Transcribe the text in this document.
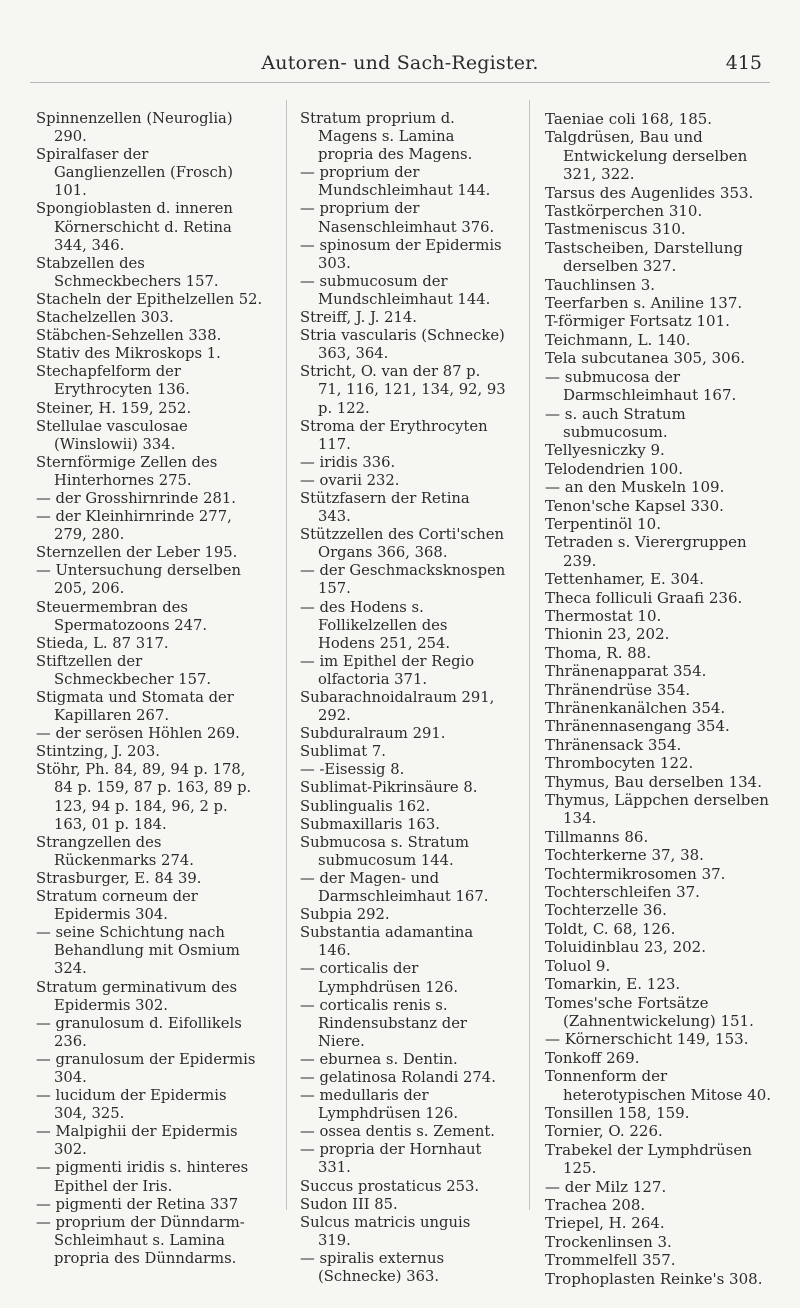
Autoren- und Sach-Register.	415

Spinnenzellen (Neuroglia) 290.

Spiralfaser der Ganglienzellen (Frosch) 101.

Spongioblasten d. inneren Körnerschicht d. Retina 344, 346.

Stabzellen des Schmeckbechers 157.

Stacheln der Epithelzellen 52.

Stachelzellen 303.

Stäbchen-Sehzellen 338.

Stativ des Mikroskops 1.

Stechapfelform der Erythrocyten 136.

Steiner, H. 159, 252.

Stellulae vasculosae (Winslowii) 334.

Sternförmige Zellen des Hinterhornes 275.

— der Grosshirnrinde 281.

— der Kleinhirnrinde 277, 279, 280.

Sternzellen der Leber 195.

— Untersuchung derselben 205, 206.

Steuermembran des Spermatozoons 247.

Stieda, L. 87 317.

Stiftzellen der Schmeckbecher 157.

Stigmata und Stomata der Kapillaren 267.

— der serösen Höhlen 269.

Stintzing, J. 203.

Stöhr, Ph. 84, 89, 94 p. 178, 84 p. 159, 87 p. 163, 89 p. 123, 94 p. 184, 96, 2 p. 163, 01 p. 184.

Strangzellen des Rückenmarks 274.

Strasburger, E. 84 39.

Stratum corneum der Epidermis 304.

— seine Schichtung nach Behandlung mit Osmium 324.

Stratum germinativum des Epidermis 302.

— granulosum d. Eifollikels 236.

— granulosum der Epidermis 304.

— lucidum der Epidermis 304, 325.

— Malpighii der Epidermis 302.

— pigmenti iridis s. hinteres Epithel der Iris.

— pigmenti der Retina 337

— proprium der Dünndarm-Schleimhaut s. Lamina propria des Dünndarms.

Stratum proprium d. Magens s. Lamina propria des Magens.

— proprium der Mundschleimhaut 144.

— proprium der Nasenschleimhaut 376.

— spinosum der Epidermis 303.

— submucosum der Mundschleimhaut 144.

Streiff, J. J. 214.

Stria vascularis (Schnecke) 363, 364.

Stricht, O. van der 87 p. 71, 116, 121, 134, 92, 93 p. 122.

Stroma der Erythrocyten 117.

— iridis 336.

— ovarii 232.

Stützfasern der Retina 343.

Stützzellen des Corti'schen Organs 366, 368.

— der Geschmacksknospen 157.

— des Hodens s. Follikelzellen des Hodens 251, 254.

— im Epithel der Regio olfactoria 371.

Subarachnoidalraum 291, 292.

Subduralraum 291.

Sublimat 7.

— -Eisessig 8.

Sublimat-Pikrinsäure 8.

Sublingualis 162.

Submaxillaris 163.

Submucosa s. Stratum submucosum 144.

— der Magen- und Darmschleimhaut 167.

Subpia 292.

Substantia adamantina 146.

— corticalis der Lymphdrüsen 126.

— corticalis renis s. Rindensubstanz der Niere.

— eburnea s. Dentin.

— gelatinosa Rolandi 274.

— medullaris der Lymphdrüsen 126.

— ossea dentis s. Zement.

— propria der Hornhaut 331.

Succus prostaticus 253.

Sudon III 85.

Sulcus matricis unguis 319.

— spiralis externus (Schnecke) 363.

Taeniae coli 168, 185.

Talgdrüsen, Bau und Entwickelung derselben 321, 322.

Tarsus des Augenlides 353.

Tastkörperchen 310.

Tastmeniscus 310.

Tastscheiben, Darstellung derselben 327.

Tauchlinsen 3.

Teerfarben s. Aniline 137.

T-förmiger Fortsatz 101.

Teichmann, L. 140.

Tela subcutanea 305, 306.

— submucosa der Darmschleimhaut 167.

— s. auch Stratum submucosum.

Tellyesniczky 9.

Telodendrien 100.

— an den Muskeln 109.

Tenon'sche Kapsel 330.

Terpentinöl 10.

Tetraden s. Vierergruppen 239.

Tettenhamer, E. 304.

Theca folliculi Graafi 236.

Thermostat 10.

Thionin 23, 202.

Thoma, R. 88.

Thränenapparat 354.

Thränendrüse 354.

Thränenkanälchen 354.

Thränennasengang 354.

Thränensack 354.

Thrombocyten 122.

Thymus, Bau derselben 134.

Thymus, Läppchen derselben 134.

Tillmanns 86.

Tochterkerne 37, 38.

Tochtermikrosomen 37.

Tochterschleifen 37.

Tochterzelle 36.

Toldt, C. 68, 126.

Toluidinblau 23, 202.

Toluol 9.

Tomarkin, E. 123.

Tomes'sche Fortsätze (Zahnentwickelung) 151.

— Körnerschicht 149, 153.

Tonkoff 269.

Tonnenform der heterotypischen Mitose 40.

Tonsillen 158, 159.

Tornier, O. 226.

Trabekel der Lymphdrüsen 125.

— der Milz 127.

Trachea 208.

Triepel, H. 264.

Trockenlinsen 3.

Trommelfell 357.

Trophoplasten Reinke's 308.
